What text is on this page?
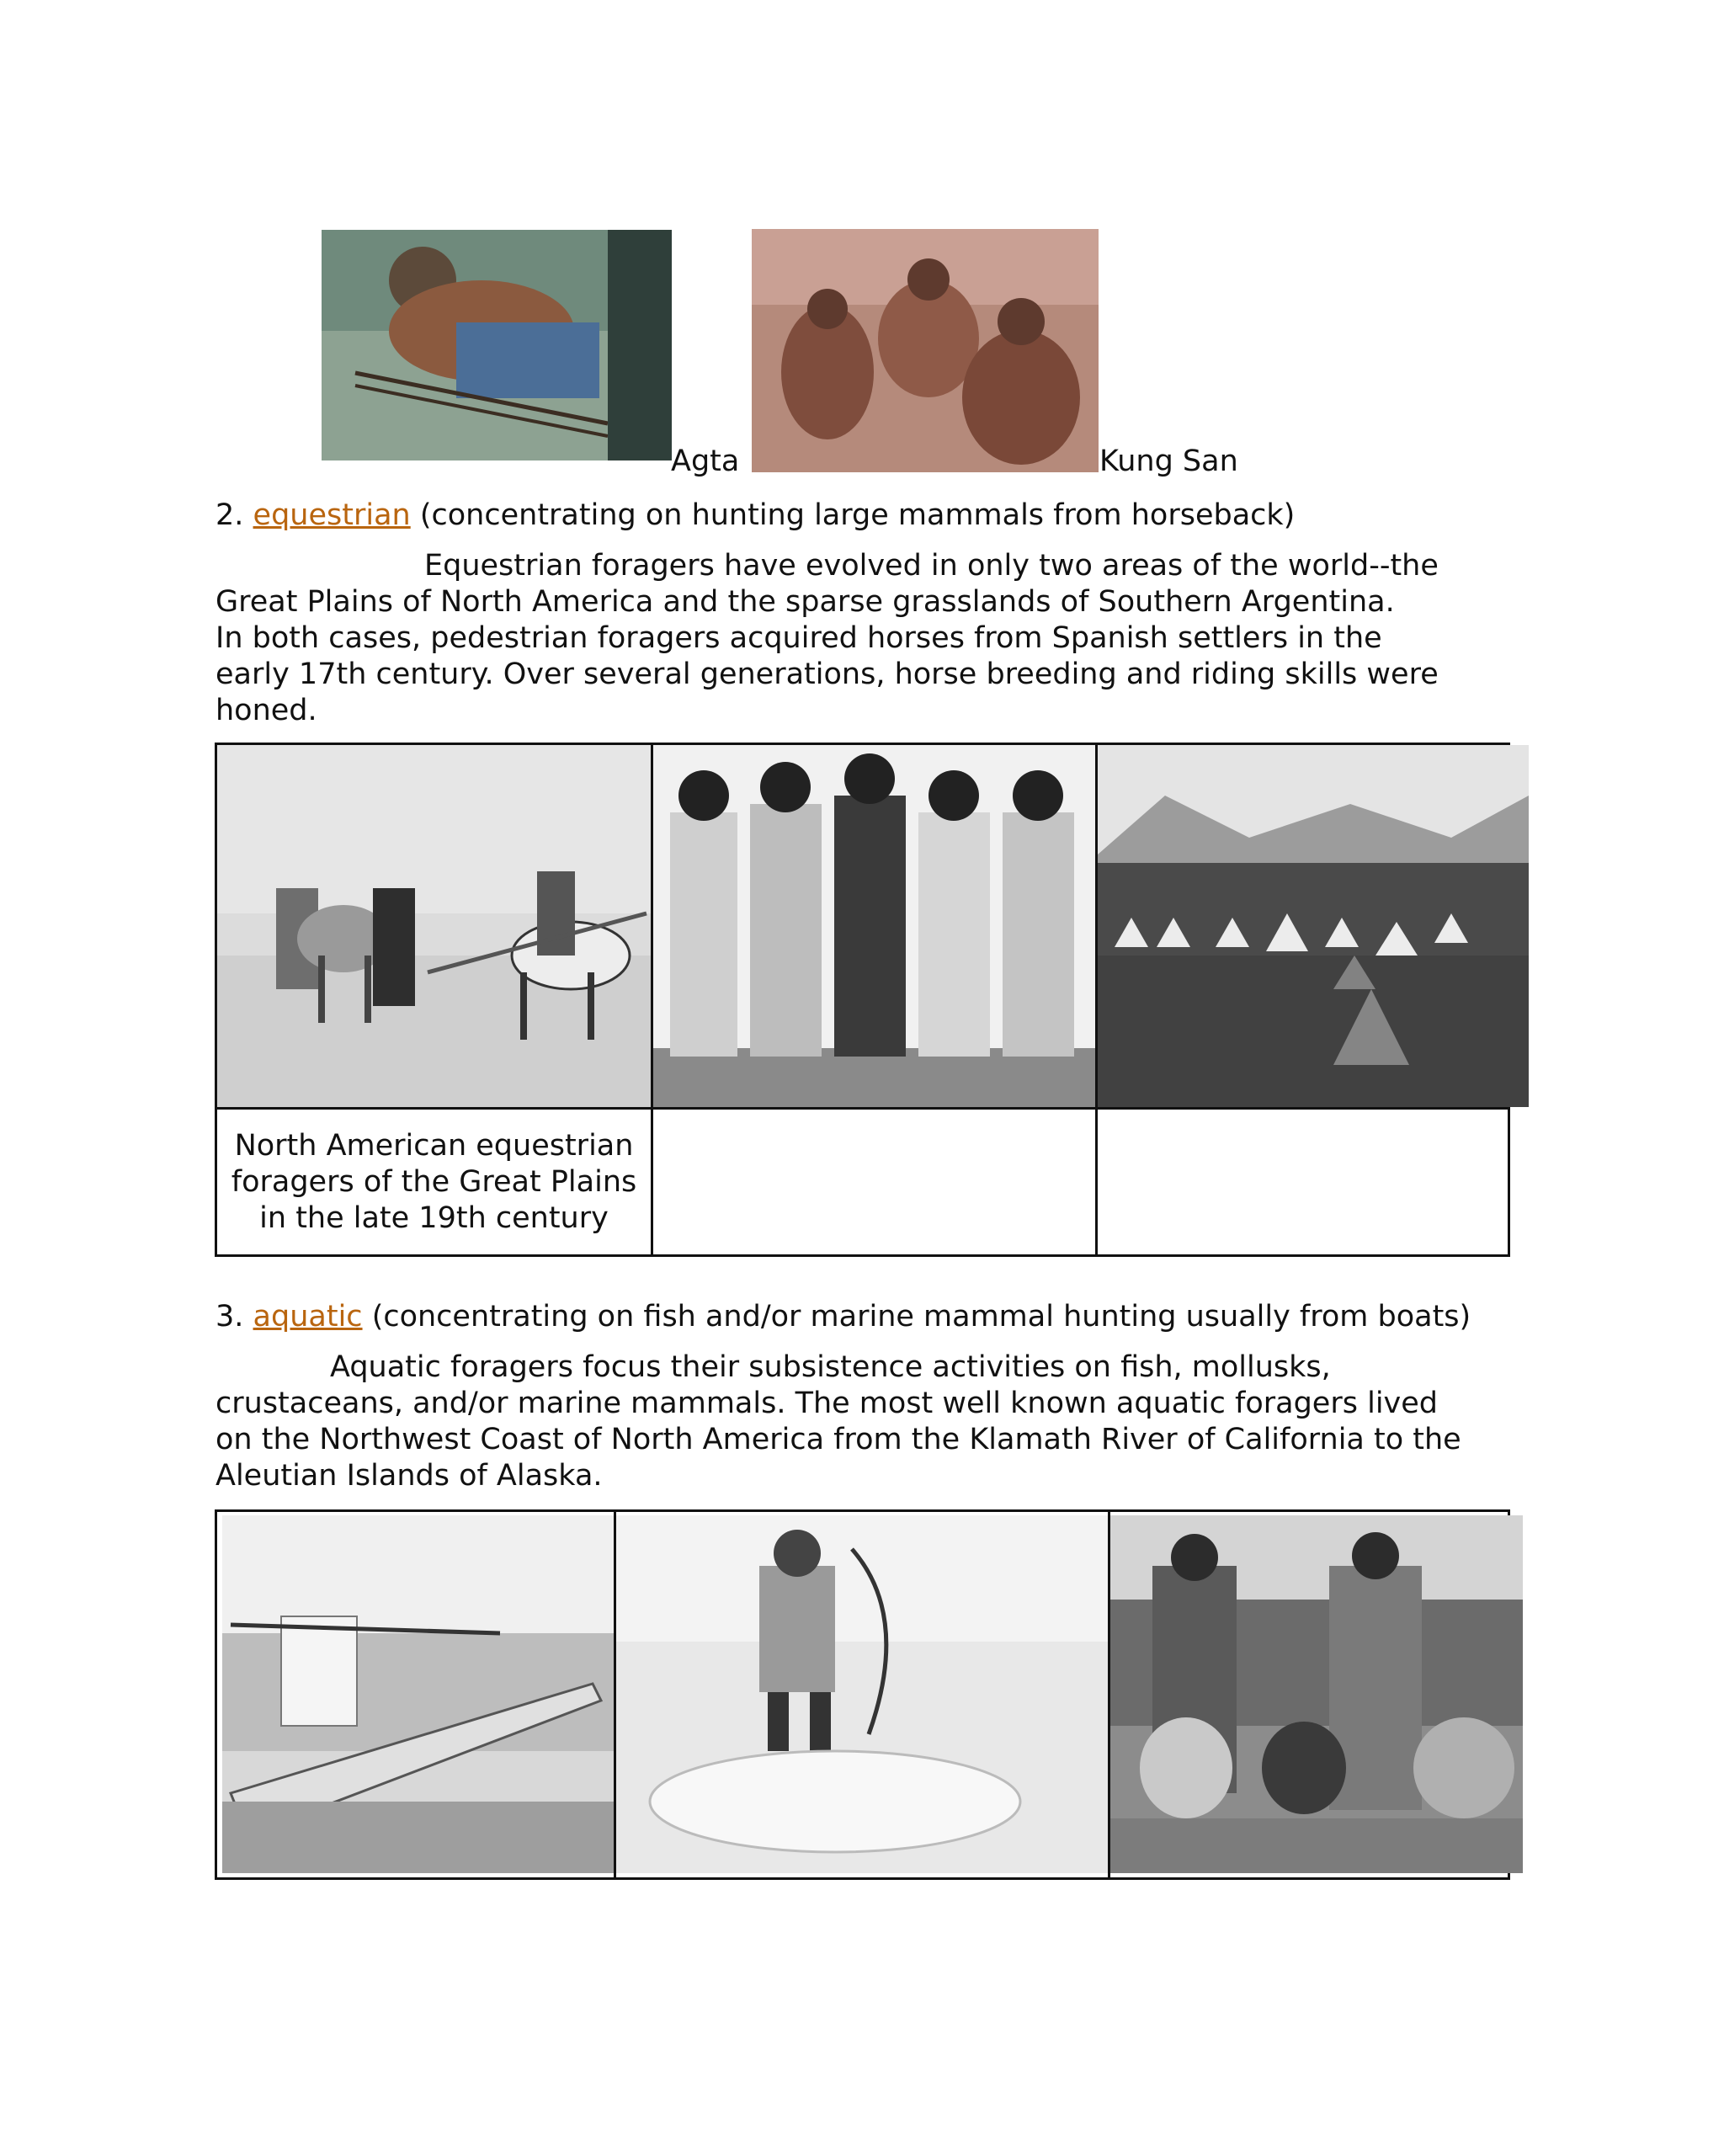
Agta	Kung San
2. equestrian (concentrating on hunting large mammals from horseback)
Equestrian foragers have evolved in only two areas of the world--the
Great Plains of North America and the sparse grasslands of Southern Argentina.
In both cases, pedestrian foragers acquired horses from Spanish settlers in the
early 17th century. Over several generations, horse breeding and riding skills were
honed.
North American equestrian
foragers of the Great Plains
in the late 19th century
3. aquatic (concentrating on fish and/or marine mammal hunting usually from boats)
Aquatic foragers focus their subsistence activities on fish, mollusks,
crustaceans, and/or marine mammals. The most well known aquatic foragers lived
on the Northwest Coast of North America from the Klamath River of California to the
Aleutian Islands of Alaska.
